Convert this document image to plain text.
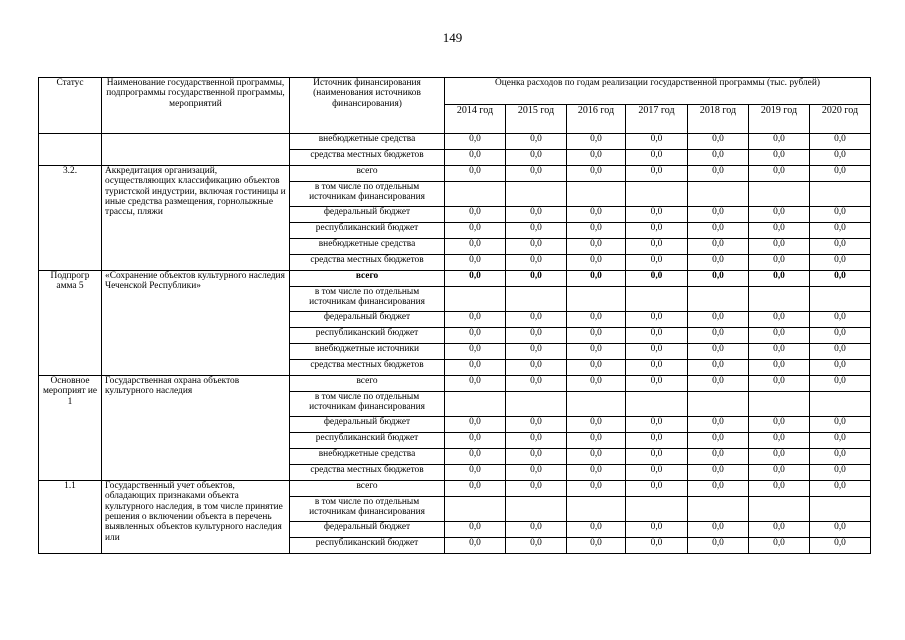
149
Статус	Наименование государственной программы, подпрограммы государственной программы, мероприятий	Источник финансирования (наименования источников финансирования)	Оценка расходов по годам реализации государственной программы (тыс. рублей)						
			2014 год	2015 год	2016 год	2017 год	2018 год	2019 год	2020 год
		внебюджетные средства	0,0	0,0	0,0	0,0	0,0	0,0	0,0
		средства местных бюджетов	0,0	0,0	0,0	0,0	0,0	0,0	0,0
3.2.	Аккредитация организаций, осуществляющих классификацию объектов туристской индустрии, включая гостиницы и иные средства размещения, горнолыжные трассы, пляжи	всего	0,0	0,0	0,0	0,0	0,0	0,0	0,0
		в том числе по отдельным источникам финансирования							
		федеральный бюджет	0,0	0,0	0,0	0,0	0,0	0,0	0,0
		республиканский бюджет	0,0	0,0	0,0	0,0	0,0	0,0	0,0
		внебюджетные средства	0,0	0,0	0,0	0,0	0,0	0,0	0,0
		средства местных бюджетов	0,0	0,0	0,0	0,0	0,0	0,0	0,0
Подпрогр амма 5	«Сохранение объектов культурного наследия Чеченской Республики»	всего	0,0	0,0	0,0	0,0	0,0	0,0	0,0
		в том числе по отдельным источникам финансирования							
		федеральный бюджет	0,0	0,0	0,0	0,0	0,0	0,0	0,0
		республиканский бюджет	0,0	0,0	0,0	0,0	0,0	0,0	0,0
		внебюджетные источники	0,0	0,0	0,0	0,0	0,0	0,0	0,0
		средства местных бюджетов	0,0	0,0	0,0	0,0	0,0	0,0	0,0
Основное мероприят ие 1	Государственная охрана объектов культурного наследия	всего	0,0	0,0	0,0	0,0	0,0	0,0	0,0
		в том числе по отдельным источникам финансирования							
		федеральный бюджет	0,0	0,0	0,0	0,0	0,0	0,0	0,0
		республиканский бюджет	0,0	0,0	0,0	0,0	0,0	0,0	0,0
		внебюджетные средства	0,0	0,0	0,0	0,0	0,0	0,0	0,0
		средства местных бюджетов	0,0	0,0	0,0	0,0	0,0	0,0	0,0
1.1	Государственный учет объектов, обладающих признаками объекта культурного наследия, в том числе принятие решения о включении объекта в перечень выявленных объектов культурного наследия или	всего	0,0	0,0	0,0	0,0	0,0	0,0	0,0
		в том числе по отдельным источникам финансирования							
		федеральный бюджет	0,0	0,0	0,0	0,0	0,0	0,0	0,0
		республиканский бюджет	0,0	0,0	0,0	0,0	0,0	0,0	0,0
